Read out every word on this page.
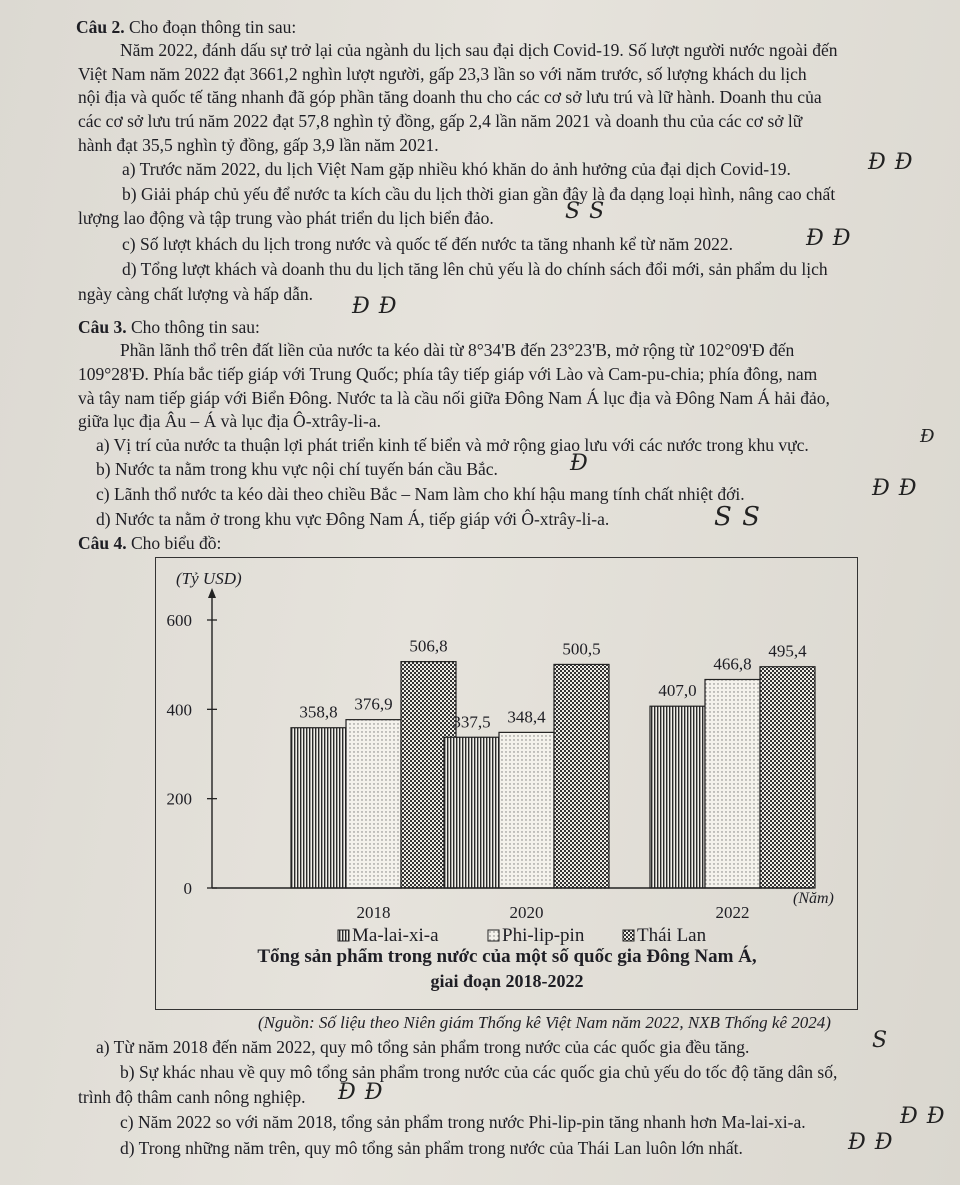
Câu 2. Cho đoạn thông tin sau:
Năm 2022, đánh dấu sự trở lại của ngành du lịch sau đại dịch Covid-19. Số lượt người nước ngoài đến
Việt Nam năm 2022 đạt 3661,2 nghìn lượt người, gấp 23,3 lần so với năm trước, số lượng khách du lịch
nội địa và quốc tế tăng nhanh đã góp phần tăng doanh thu cho các cơ sở lưu trú và lữ hành. Doanh thu của
các cơ sở lưu trú năm 2022 đạt 57,8 nghìn tỷ đồng, gấp 2,4 lần năm 2021 và doanh thu của các cơ sở lữ
hành đạt 35,5 nghìn tỷ đồng, gấp 3,9 lần năm 2021.
a) Trước năm 2022, du lịch Việt Nam gặp nhiều khó khăn do ảnh hưởng của đại dịch Covid-19.	Đ Đ
b) Giải pháp chủ yếu để nước ta kích cầu du lịch thời gian gần đây là đa dạng loại hình, nâng cao chất
lượng lao động và tập trung vào phát triển du lịch biển đảo.	S S
c) Số lượt khách du lịch trong nước và quốc tế đến nước ta tăng nhanh kể từ năm 2022.	Đ Đ
d) Tổng lượt khách và doanh thu du lịch tăng lên chủ yếu là do chính sách đổi mới, sản phẩm du lịch
ngày càng chất lượng và hấp dẫn. Đ Đ
Câu 3. Cho thông tin sau:
Phần lãnh thổ trên đất liền của nước ta kéo dài từ 8°34'B đến 23°23'B, mở rộng từ 102°09'Đ đến
109°28'Đ. Phía bắc tiếp giáp với Trung Quốc; phía tây tiếp giáp với Lào và Cam-pu-chia; phía đông, nam
và tây nam tiếp giáp với Biển Đông. Nước ta là cầu nối giữa Đông Nam Á lục địa và Đông Nam Á hải đảo,
giữa lục địa Âu – Á và lục địa Ô-xtrây-li-a.
a) Vị trí của nước ta thuận lợi phát triển kinh tế biển và mở rộng giao lưu với các nước trong khu vực.	Đ
b) Nước ta nằm trong khu vực nội chí tuyến bán cầu Bắc.	Đ
c) Lãnh thổ nước ta kéo dài theo chiều Bắc – Nam làm cho khí hậu mang tính chất nhiệt đới.	Đ Đ
d) Nước ta nằm ở trong khu vực Đông Nam Á, tiếp giáp với Ô-xtrây-li-a.	S S
Câu 4. Cho biểu đồ:
(Tỷ USD)
(Năm)
0
200
400
600
358,8 376,9
506,8
2018
337,5 348,4
500,5
2020
407,0
466,8
495,4
2022
Ma-lai-xi-a	Phi-lip-pin	Thái Lan
Tổng sản phẩm trong nước của một số quốc gia Đông Nam Á,
giai đoạn 2018-2022
(Nguồn: Số liệu theo Niên giám Thống kê Việt Nam năm 2022, NXB Thống kê 2024)
a) Từ năm 2018 đến năm 2022, quy mô tổng sản phẩm trong nước của các quốc gia đều tăng.	S
b) Sự khác nhau về quy mô tổng sản phẩm trong nước của các quốc gia chủ yếu do tốc độ tăng dân số,
trình độ thâm canh nông nghiệp. Đ Đ
c) Năm 2022 so với năm 2018, tổng sản phẩm trong nước Phi-lip-pin tăng nhanh hơn Ma-lai-xi-a.	Đ Đ
d) Trong những năm trên, quy mô tổng sản phẩm trong nước của Thái Lan luôn lớn nhất.	Đ Đ
